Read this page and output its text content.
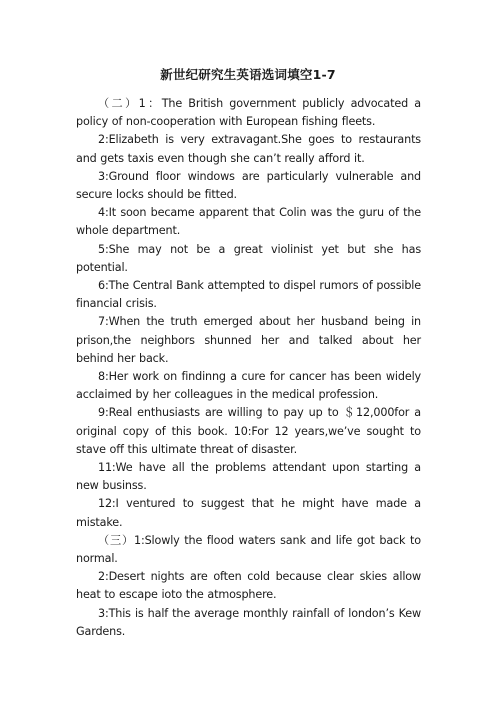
新世纪研究生英语选词填空1-7

（二）1：The British government publicly advocated a policy of non-cooperation with European fishing fleets.

2:Elizabeth is very extravagant.She goes to restaurants and gets taxis even though she can’t really afford it.

3:Ground floor windows are particularly vulnerable and secure locks should be fitted.

4:It soon became apparent that Colin was the guru of the whole department.

5:She may not be a great violinist yet but she has potential.

6:The Central Bank attempted to dispel rumors of possible financial crisis.

7:When the truth emerged about her husband being in prison,the neighbors shunned her and talked about her behind her back.

8:Her work on findinng a cure for cancer has been widely acclaimed by her colleagues in the medical profession.

9:Real enthusiasts are willing to pay up to ＄12,000for a original copy of this book. 10:For 12 years,we’ve sought to stave off this ultimate threat of disaster.

11:We have all the problems attendant upon starting a new businss.

12:I ventured to suggest that he might have made a mistake.

（三）1:Slowly the flood waters sank and life got back to normal.

2:Desert nights are often cold because clear skies allow heat to escape ioto the atmosphere.

3:This is half the average monthly rainfall of london’s Kew Gardens.
